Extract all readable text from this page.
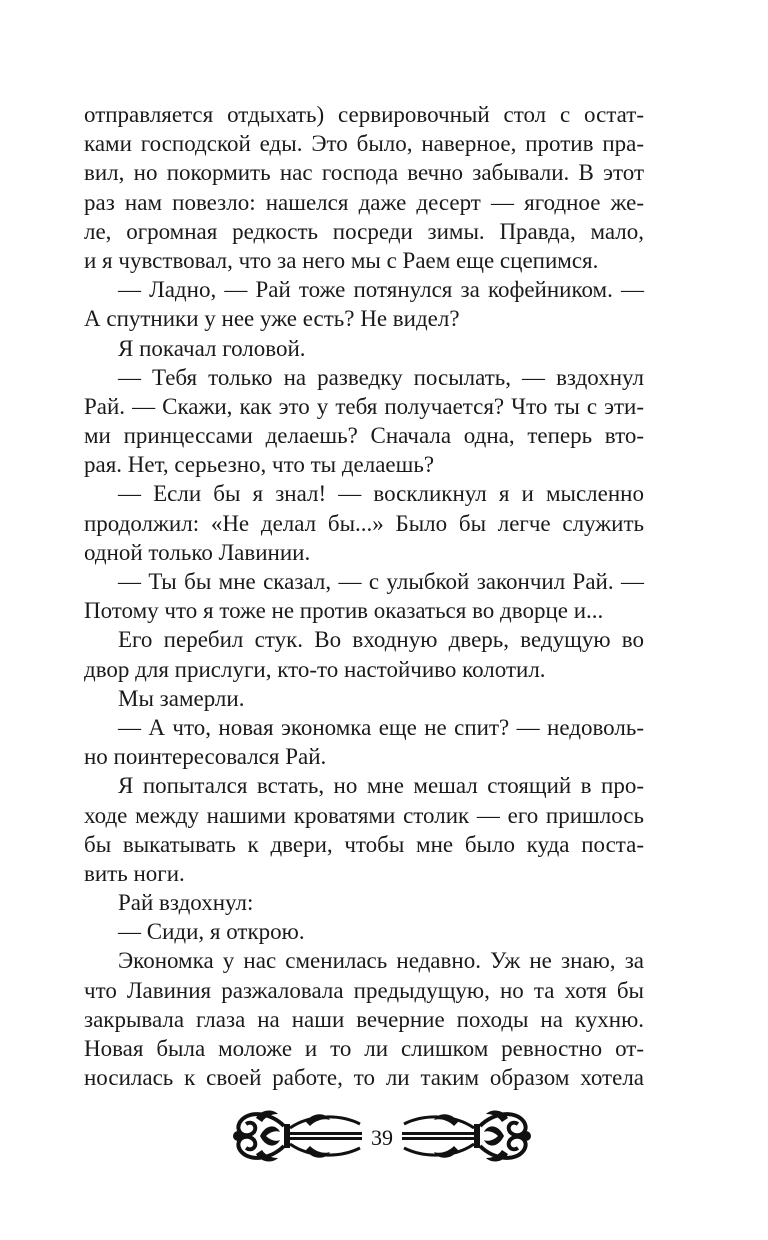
отправляется отдыхать) сервировочный стол с остат-
ками господской еды. Это было, наверное, против пра-
вил, но покормить нас господа вечно забывали. В этот
раз нам повезло: нашелся даже десерт — ягодное же-
ле, огромная редкость посреди зимы. Правда, мало,
и я чувствовал, что за него мы с Раем еще сцепимся.
— Ладно, — Рай тоже потянулся за кофейником. —
А спутники у нее уже есть? Не видел?
Я покачал головой.
— Тебя только на разведку посылать, — вздохнул
Рай. — Скажи, как это у тебя получается? Что ты с эти-
ми принцессами делаешь? Сначала одна, теперь вто-
рая. Нет, серьезно, что ты делаешь?
— Если бы я знал! — воскликнул я и мысленно
продолжил: «Не делал бы...» Было бы легче служить
одной только Лавинии.
— Ты бы мне сказал, — с улыбкой закончил Рай. —
Потому что я тоже не против оказаться во дворце и...
Его перебил стук. Во входную дверь, ведущую во
двор для прислуги, кто-то настойчиво колотил.
Мы замерли.
— А что, новая экономка еще не спит? — недоволь-
но поинтересовался Рай.
Я попытался встать, но мне мешал стоящий в про-
ходе между нашими кроватями столик — его пришлось
бы выкатывать к двери, чтобы мне было куда поста-
вить ноги.
Рай вздохнул:
— Сиди, я открою.
Экономка у нас сменилась недавно. Уж не знаю, за
что Лавиния разжаловала предыдущую, но та хотя бы
закрывала глаза на наши вечерние походы на кухню.
Новая была моложе и то ли слишком ревностно от-
носилась к своей работе, то ли таким образом хотела
39
